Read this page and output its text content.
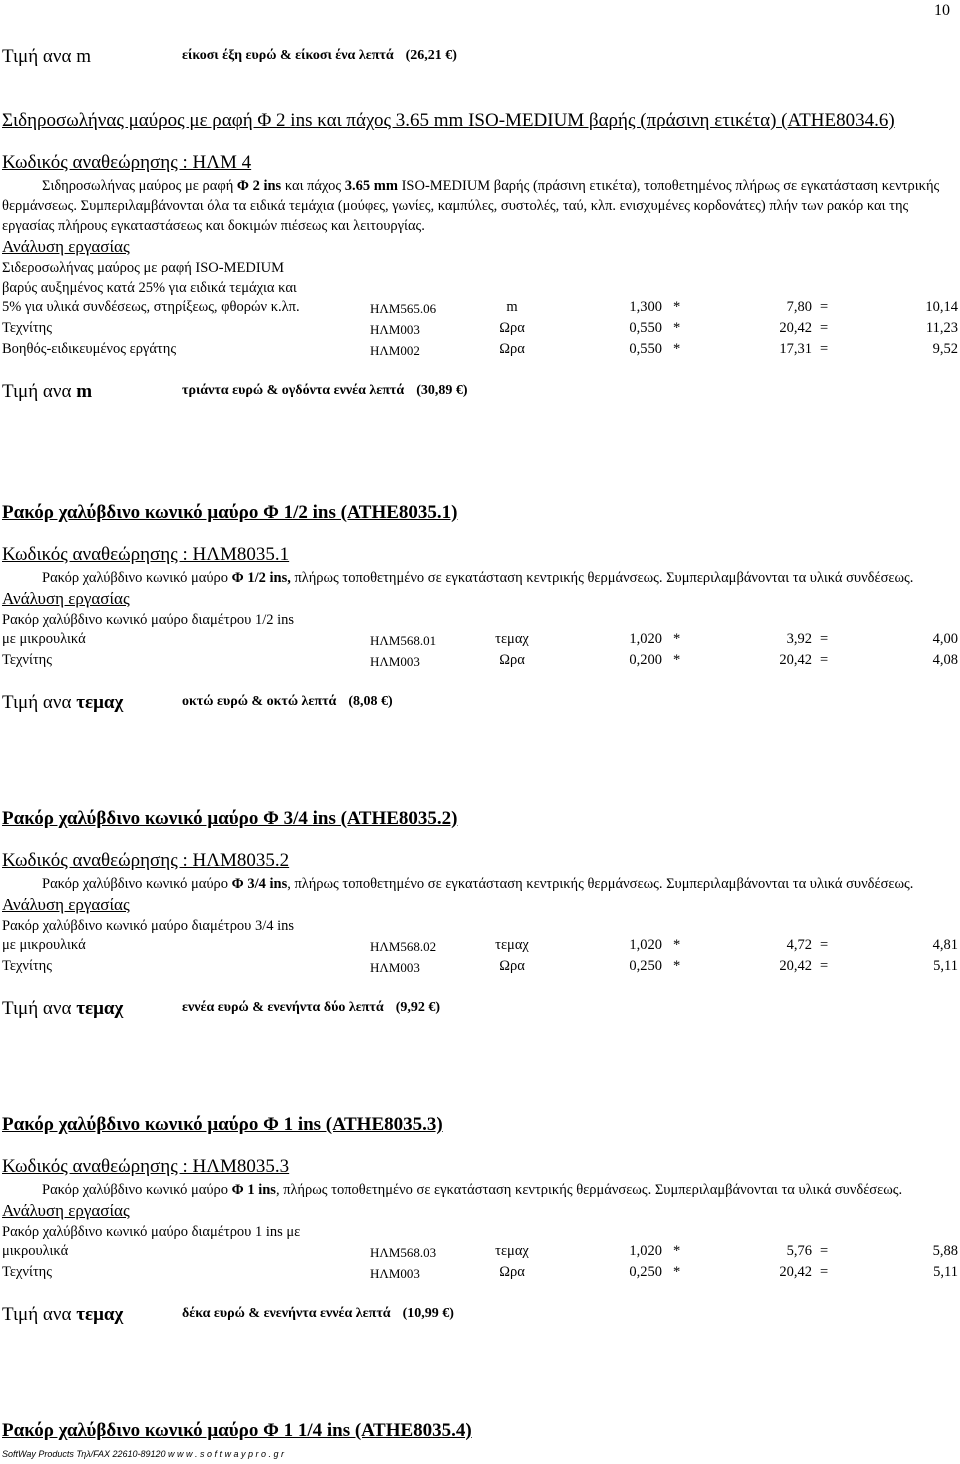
10
Τιμή ανα m	είκοσι έξη ευρώ & είκοσι ένα λεπτά (26,21 €)
Σιδηροσωλήνας μαύρος με ραφή Φ 2 ins και πάχος 3.65 mm ISO-MEDIUM βαρής (πράσινη ετικέτα) (ΑΤΗΕ8034.6)
Κωδικός αναθεώρησης : ΗΛΜ 4

Σιδηροσωλήνας μαύρος με ραφή Φ 2 ins και πάχος 3.65 mm ISO-MEDIUM βαρής (πράσινη ετικέτα), τοποθετημένος πλήρως σε εγκατάσταση κεντρικής θερμάνσεως. Συμπεριλαμβάνονται όλα τα ειδικά τεμάχια (μούφες, γωνίες, καμπύλες, συστολές, ταύ, κλπ. ενισχυμένες κορδονάτες) πλήν των ρακόρ και της εργασίας πλήρους εγκαταστάσεως και δοκιμών πιέσεως και λειτουργίας.

Ανάλυση εργασίας
Σιδεροσωλήνας μαύρος με ραφή ISO-MEDIUM
βαρύς αυξημένος κατά 25% για ειδικά τεμάχια και
5% για υλικά συνδέσεως, στηρίξεως, φθορών κ.λπ.	ΗΛΜ565.06	m	1,300 *	7,80 =	10,14
Τεχνίτης	ΗΛΜ003	Ωρα	0,550 *	20,42 =	11,23
Βοηθός-ειδικευμένος εργάτης	ΗΛΜ002	Ωρα	0,550 *	17,31 =	9,52
Τιμή ανα m	τριάντα ευρώ & ογδόντα εννέα λεπτά (30,89 €)
Ρακόρ χαλύβδινο κωνικό μαύρο Φ 1/2 ins (ΑΤΗΕ8035.1)
Κωδικός αναθεώρησης : ΗΛΜ8035.1

Ρακόρ χαλύβδινο κωνικό μαύρο Φ 1/2 ins, πλήρως τοποθετημένο σε εγκατάσταση κεντρικής θερμάνσεως. Συμπεριλαμβάνονται τα υλικά συνδέσεως.

Ανάλυση εργασίας
Ρακόρ χαλύβδινο κωνικό μαύρο διαμέτρου 1/2 ins
με μικρουλικά	ΗΛΜ568.01	τεμαχ	1,020 *	3,92 =	4,00
Τεχνίτης	ΗΛΜ003	Ωρα	0,200 *	20,42 =	4,08
Τιμή ανα τεμαχ	οκτώ ευρώ & οκτώ λεπτά (8,08 €)
Ρακόρ χαλύβδινο κωνικό μαύρο Φ 3/4 ins (ΑΤΗΕ8035.2)
Κωδικός αναθεώρησης : ΗΛΜ8035.2

Ρακόρ χαλύβδινο κωνικό μαύρο Φ 3/4 ins, πλήρως τοποθετημένο σε εγκατάσταση κεντρικής θερμάνσεως. Συμπεριλαμβάνονται τα υλικά συνδέσεως.

Ανάλυση εργασίας
Ρακόρ χαλύβδινο κωνικό μαύρο διαμέτρου 3/4 ins
με μικρουλικά	ΗΛΜ568.02	τεμαχ	1,020 *	4,72 =	4,81
Τεχνίτης	ΗΛΜ003	Ωρα	0,250 *	20,42 =	5,11
Τιμή ανα τεμαχ	εννέα ευρώ & ενενήντα δύο λεπτά (9,92 €)
Ρακόρ χαλύβδινο κωνικό μαύρο Φ 1 ins (ΑΤΗΕ8035.3)
Κωδικός αναθεώρησης : ΗΛΜ8035.3

Ρακόρ χαλύβδινο κωνικό μαύρο Φ 1 ins, πλήρως τοποθετημένο σε εγκατάσταση κεντρικής θερμάνσεως. Συμπεριλαμβάνονται τα υλικά συνδέσεως.

Ανάλυση εργασίας
Ρακόρ χαλύβδινο κωνικό μαύρο διαμέτρου 1 ins με
μικρουλικά	ΗΛΜ568.03	τεμαχ	1,020 *	5,76 =	5,88
Τεχνίτης	ΗΛΜ003	Ωρα	0,250 *	20,42 =	5,11
Τιμή ανα τεμαχ	δέκα ευρώ & ενενήντα εννέα λεπτά (10,99 €)
Ρακόρ χαλύβδινο κωνικό μαύρο Φ 1 1/4 ins (ΑΤΗΕ8035.4)
SoftWay Products Τηλ/FAX 22610-89120 w w w . s o f t w a y p r o . g r
